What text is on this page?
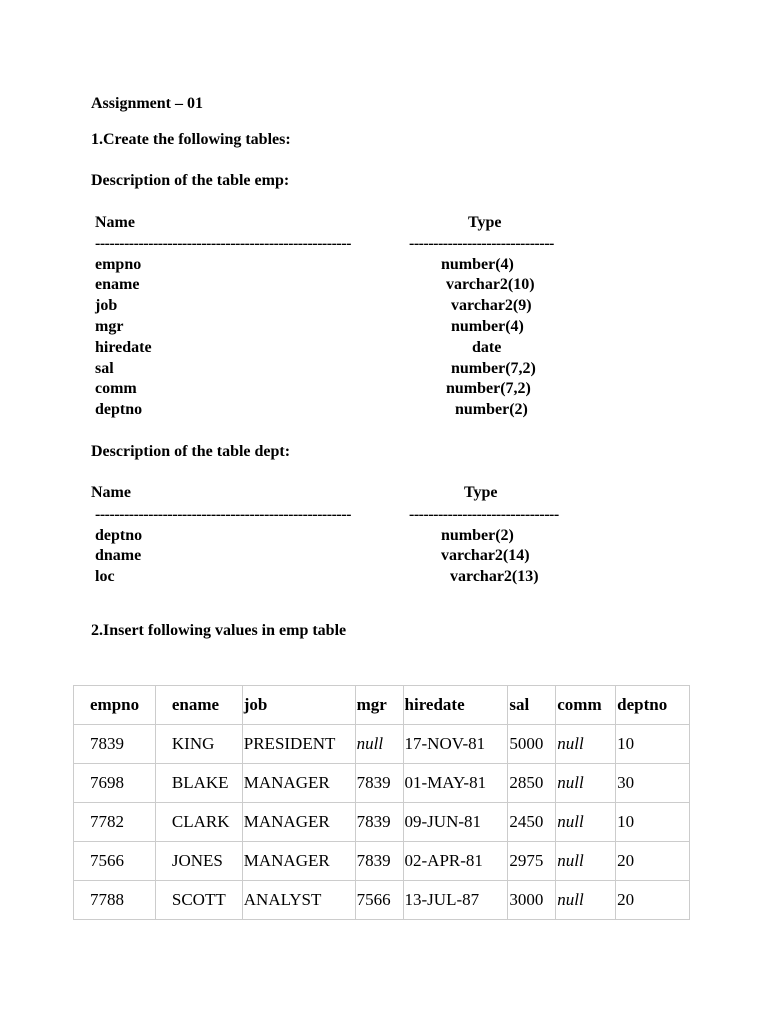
Assignment – 01
1.Create the following tables:
Description of the table emp:
Name	Type
-----------------------------------------------------	------------------------------
empno	number(4)
ename	varchar2(10)
job	varchar2(9)
mgr	number(4)
hiredate	date
sal	number(7,2)
comm	number(7,2)
deptno	number(2)
Description of the table dept:
Name	Type
-----------------------------------------------------	-------------------------------
deptno	number(2)
dname	varchar2(14)
loc	varchar2(13)
2.Insert following values in emp table
empno	ename	job	mgr	hiredate	sal	comm	deptno
7839	KING	PRESIDENT	null	17-NOV-81	5000	null	10
7698	BLAKE	MANAGER	7839	01-MAY-81	2850	null	30
7782	CLARK	MANAGER	7839	09-JUN-81	2450	null	10
7566	JONES	MANAGER	7839	02-APR-81	2975	null	20
7788	SCOTT	ANALYST	7566	13-JUL-87	3000	null	20
